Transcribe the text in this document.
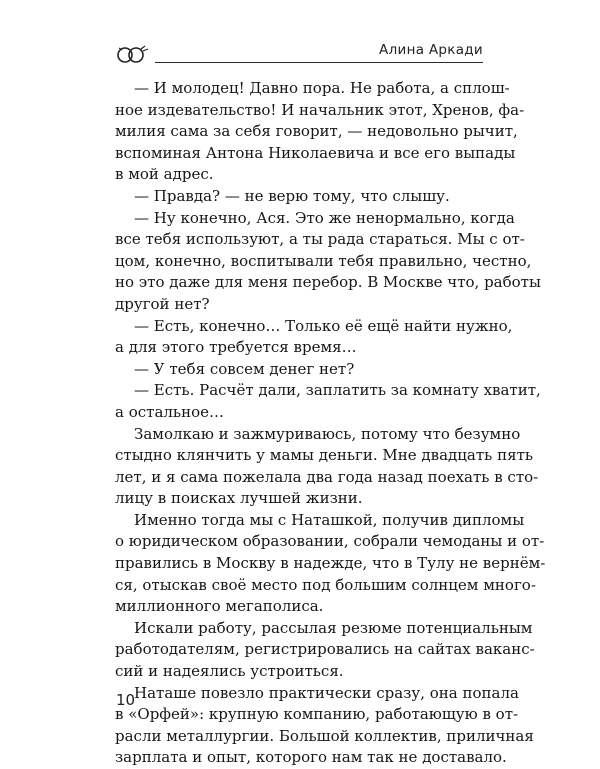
Алина Аркади
— И молодец! Давно пора. Не работа, а сплош-
ное издевательство! И начальник этот, Хренов, фа-
милия сама за себя говорит, — недовольно рычит,
вспоминая Антона Николаевича и все его выпады
в мой адрес.
— Правда? — не верю тому, что слышу.
— Ну конечно, Ася. Это же ненормально, когда
все тебя используют, а ты рада стараться. Мы с от-
цом, конечно, воспитывали тебя правильно, честно,
но это даже для меня перебор. В Москве что, работы
другой нет?
— Есть, конечно… Только её ещё найти нужно,
а для этого требуется время…
— У тебя совсем денег нет?
— Есть. Расчёт дали, заплатить за комнату хватит,
а остальное…
Замолкаю и зажмуриваюсь, потому что безумно
стыдно клянчить у мамы деньги. Мне двадцать пять
лет, и я сама пожелала два года назад поехать в сто-
лицу в поисках лучшей жизни.
Именно тогда мы с Наташкой, получив дипломы
о юридическом образовании, собрали чемоданы и от-
правились в Москву в надежде, что в Тулу не вернём-
ся, отыскав своё место под большим солнцем много-
миллионного мегаполиса.
Искали работу, рассылая резюме потенциальным
работодателям, регистрировались на сайтах ваканс-
сий и надеялись устроиться.
Наташе повезло практически сразу, она попала
в «Орфей»: крупную компанию, работающую в от-
расли металлургии. Большой коллектив, приличная
зарплата и опыт, которого нам так не доставало.
10
